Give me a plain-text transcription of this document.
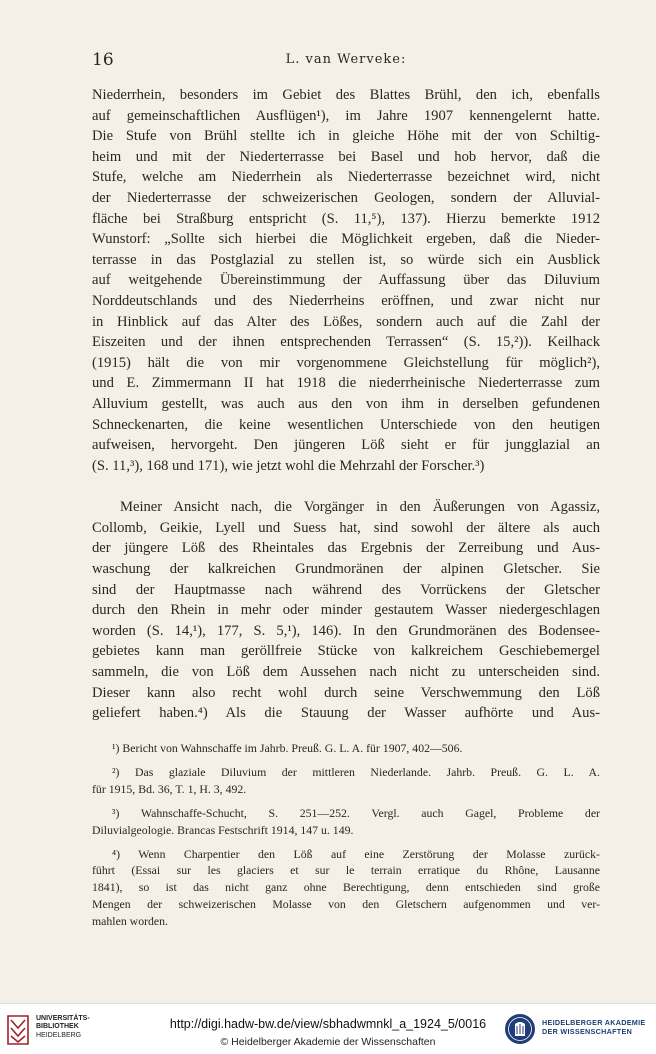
16	L. van Werveke:
Niederrhein, besonders im Gebiet des Blattes Brühl, den ich, ebenfalls
auf gemeinschaftlichen Ausflügen¹), im Jahre 1907 kennengelernt hatte.
Die Stufe von Brühl stellte ich in gleiche Höhe mit der von Schiltig-
heim und mit der Niederterrasse bei Basel und hob hervor, daß die
Stufe, welche am Niederrhein als Niederterrasse bezeichnet wird, nicht
der Niederterrasse der schweizerischen Geologen, sondern der Alluvial-
fläche bei Straßburg entspricht (S. 11,⁵), 137). Hierzu bemerkte 1912
Wunstorf: „Sollte sich hierbei die Möglichkeit ergeben, daß die Nieder-
terrasse in das Postglazial zu stellen ist, so würde sich ein Ausblick
auf weitgehende Übereinstimmung der Auffassung über das Diluvium
Norddeutschlands und des Niederrheins eröffnen, und zwar nicht nur
in Hinblick auf das Alter des Lößes, sondern auch auf die Zahl der
Eiszeiten und der ihnen entsprechenden Terrassen“ (S. 15,²)). Keilhack
(1915) hält die von mir vorgenommene Gleichstellung für möglich²),
und E. Zimmermann II hat 1918 die niederrheinische Niederterrasse zum
Alluvium gestellt, was auch aus den von ihm in derselben gefundenen
Schneckenarten, die keine wesentlichen Unterschiede von den heutigen
aufweisen, hervorgeht. Den jüngeren Löß sieht er für jungglazial an
(S. 11,³), 168 und 171), wie jetzt wohl die Mehrzahl der Forscher.³)
Meiner Ansicht nach, die Vorgänger in den Äußerungen von Agassiz,
Collomb, Geikie, Lyell und Suess hat, sind sowohl der ältere als auch
der jüngere Löß des Rheintales das Ergebnis der Zerreibung und Aus-
waschung der kalkreichen Grundmoränen der alpinen Gletscher. Sie
sind der Hauptmasse nach während des Vorrückens der Gletscher
durch den Rhein in mehr oder minder gestautem Wasser niedergeschlagen
worden (S. 14,¹), 177, S. 5,¹), 146). In den Grundmoränen des Bodensee-
gebietes kann man geröllfreie Stücke von kalkreichem Geschiebemergel
sammeln, die von Löß dem Aussehen nach nicht zu unterscheiden sind.
Dieser kann also recht wohl durch seine Verschwemmung den Löß
geliefert haben.⁴) Als die Stauung der Wasser aufhörte und Aus-
¹) Bericht von Wahnschaffe im Jahrb. Preuß. G. L. A. für 1907, 402—506.
²) Das glaziale Diluvium der mittleren Niederlande. Jahrb. Preuß. G. L. A.
für 1915, Bd. 36, T. 1, H. 3, 492.
³) Wahnschaffe-Schucht, S. 251—252. Vergl. auch Gagel, Probleme der
Diluvialgeologie. Brancas Festschrift 1914, 147 u. 149.
⁴) Wenn Charpentier den Löß auf eine Zerstörung der Molasse zurück-
führt (Essai sur les glaciers et sur le terrain erratique du Rhône, Lausanne
1841), so ist das nicht ganz ohne Berechtigung, denn entschieden sind große
Mengen der schweizerischen Molasse von den Gletschern aufgenommen und ver-
mahlen worden.
UNIVERSITÄTS-
BIBLIOTHEK
HEIDELBERG
http://digi.hadw-bw.de/view/sbhadwmnkl_a_1924_5/0016
© Heidelberger Akademie der Wissenschaften
HEIDELBERGER AKADEMIE
DER WISSENSCHAFTEN
